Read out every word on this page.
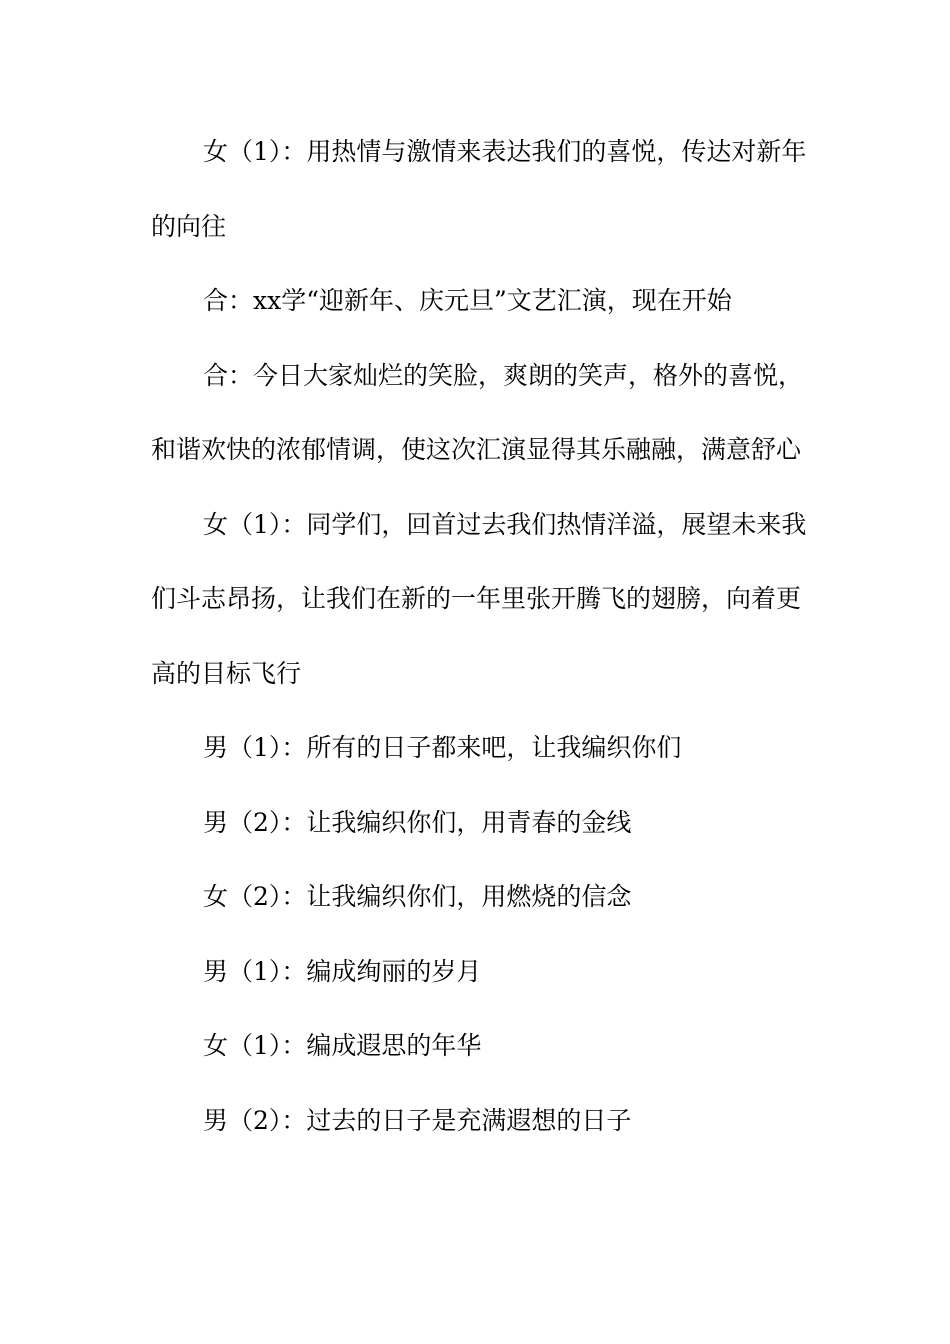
女（1）：用热情与激情来表达我们的喜悦，传达对新年的向往

合：xx学“迎新年、庆元旦”文艺汇演，现在开始

合：今日大家灿烂的笑脸，爽朗的笑声，格外的喜悦，和谐欢快的浓郁情调，使这次汇演显得其乐融融，满意舒心

女（1）：同学们，回首过去我们热情洋溢，展望未来我们斗志昂扬，让我们在新的一年里张开腾飞的翅膀，向着更高的目标飞行

男（1）：所有的日子都来吧，让我编织你们

男（2）：让我编织你们，用青春的金线

女（2）：让我编织你们，用燃烧的信念

男（1）：编成绚丽的岁月

女（1）：编成遐思的年华

男（2）：过去的日子是充满遐想的日子
